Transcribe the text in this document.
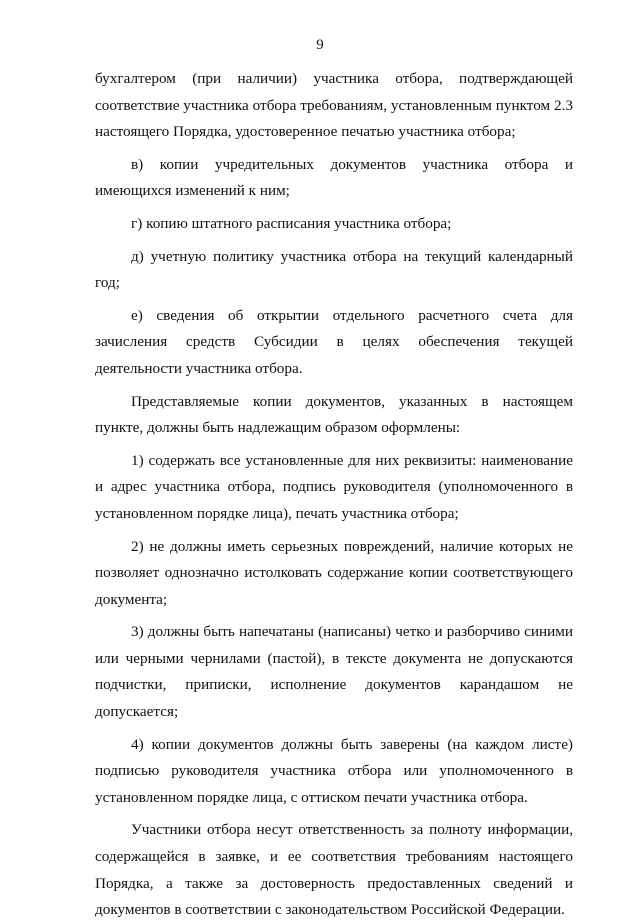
9

бухгалтером (при наличии) участника отбора, подтверждающей соответствие участника отбора требованиям, установленным пунктом 2.3 настоящего Порядка, удостоверенное печатью участника отбора;

в) копии учредительных документов участника отбора и имеющихся изменений к ним;

г) копию штатного расписания участника отбора;

д) учетную политику участника отбора на текущий календарный год;

е) сведения об открытии отдельного расчетного счета для зачисления средств Субсидии в целях обеспечения текущей деятельности участника отбора.

Представляемые копии документов, указанных в настоящем пункте, должны быть надлежащим образом оформлены:

1) содержать все установленные для них реквизиты: наименование и адрес участника отбора, подпись руководителя (уполномоченного в установленном порядке лица), печать участника отбора;

2) не должны иметь серьезных повреждений, наличие которых не позволяет однозначно истолковать содержание копии соответствующего документа;

3) должны быть напечатаны (написаны) четко и разборчиво синими или черными чернилами (пастой), в тексте документа не допускаются подчистки, приписки, исполнение документов карандашом не допускается;

4) копии документов должны быть заверены (на каждом листе) подписью руководителя участника отбора или уполномоченного в установленном порядке лица, с оттиском печати участника отбора.

Участники отбора несут ответственность за полноту информации, содержащейся в заявке, и ее соответствия требованиям настоящего Порядка, а также за достоверность предоставленных сведений и документов в соответствии с законодательством Российской Федерации.
